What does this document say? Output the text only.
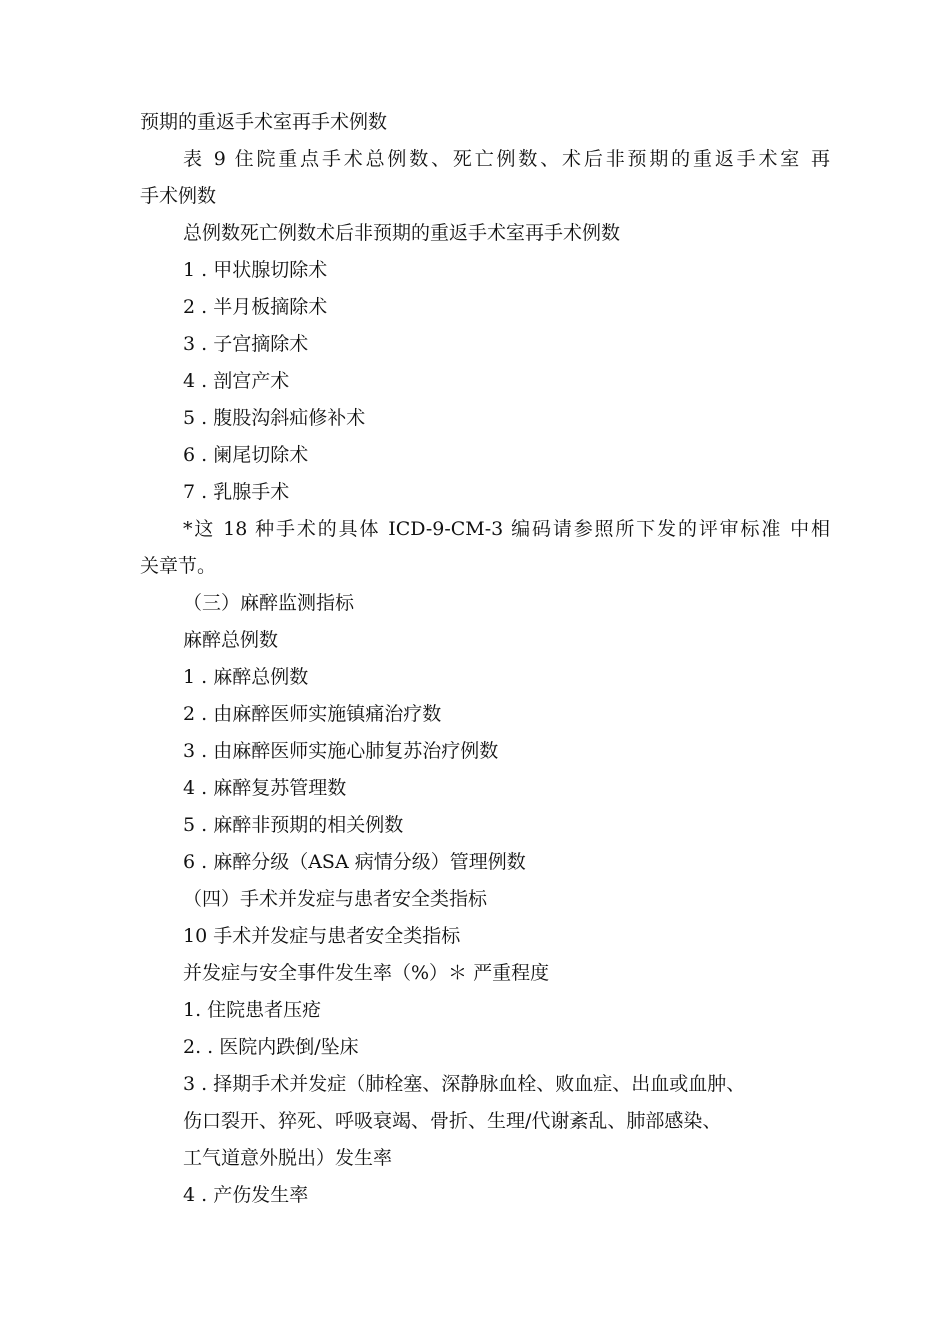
预期的重返手术室再手术例数
表 9 住院重点手术总例数、死亡例数、术后非预期的重返手术室 再
手术例数
总例数死亡例数术后非预期的重返手术室再手术例数
1 . 甲状腺切除术
2 . 半月板摘除术
3 . 子宫摘除术
4 . 剖宫产术
5 . 腹股沟斜疝修补术
6 . 阑尾切除术
7 . 乳腺手术
*这 18 种手术的具体 ICD-9-CM-3 编码请参照所下发的评审标准 中相
关章节。
（三）麻醉监测指标
麻醉总例数
1 . 麻醉总例数
2 . 由麻醉医师实施镇痛治疗数
3 . 由麻醉医师实施心肺复苏治疗例数
4 . 麻醉复苏管理数
5 . 麻醉非预期的相关例数
6 . 麻醉分级（ASA 病情分级）管理例数
（四）手术并发症与患者安全类指标
10 手术并发症与患者安全类指标
并发症与安全事件发生率（%）＊ 严重程度
1. 住院患者压疮
2. . 医院内跌倒/坠床
3 . 择期手术并发症（肺栓塞、深静脉血栓、败血症、出血或血肿、
伤口裂开、猝死、呼吸衰竭、骨折、生理/代谢紊乱、肺部感染、
工气道意外脱出）发生率
4 . 产伤发生率
